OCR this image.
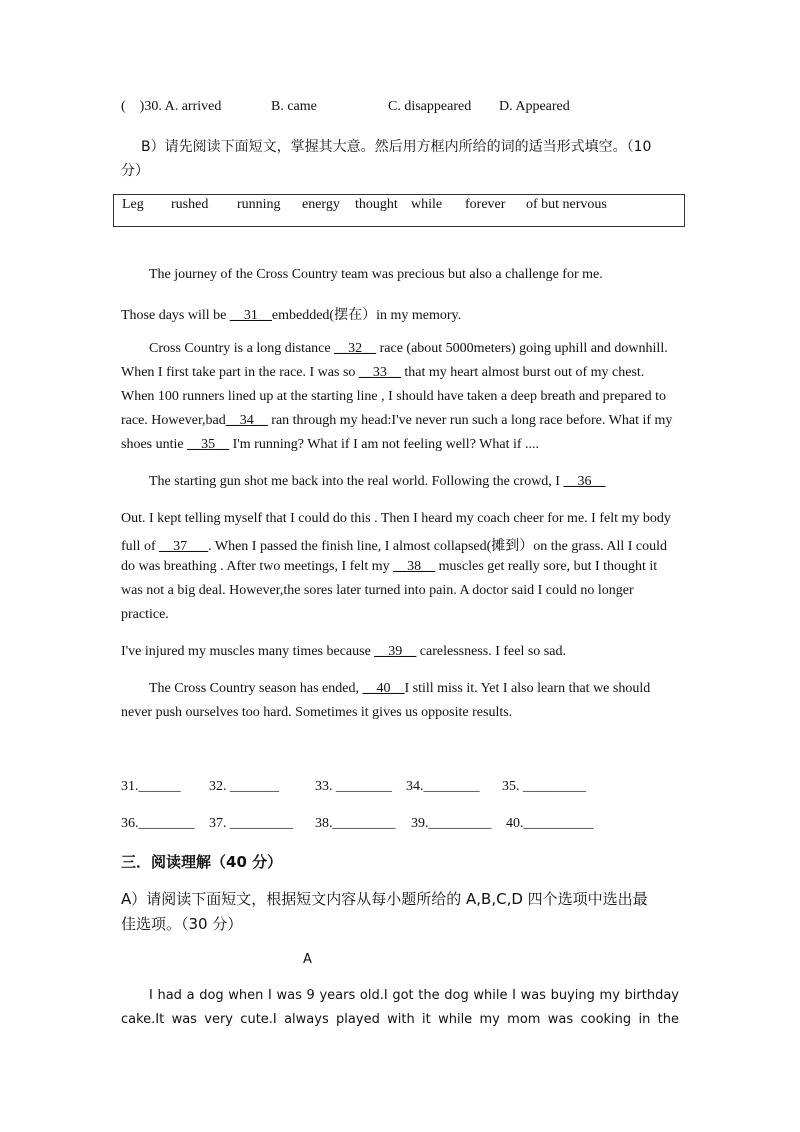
( )30. A. arrived	B. came	C. disappeared D. Appeared
B）请先阅读下面短文，掌握其大意。然后用方框内所给的词的适当形式填空。（10
分）
Leg rushed running energy thought while forever of but nervous
The journey of the Cross Country team was precious but also a challenge for me.
Those days will be __31__embedded(摆在）in my memory.
Cross Country is a long distance __32__ race (about 5000meters) going uphill and downhill.
When I first take part in the race. I was so __33__ that my heart almost burst out of my chest.
When 100 runners lined up at the starting line , I should have taken a deep breath and prepared to
race. However,bad__34__ ran through my head:I've never run such a long race before. What if my
shoes untie __35__ I'm running? What if I am not feeling well? What if ....
The starting gun shot me back into the real world. Following the crowd, I __36__
Out. I kept telling myself that I could do this . Then I heard my coach cheer for me. I felt my body
full of __37___. When I passed the finish line, I almost collapsed(摊到）on the grass. All I could
do was breathing . After two meetings, I felt my __38__ muscles get really sore, but I thought it
was not a big deal. However,the sores later turned into pain. A doctor said I could no longer
practice.
I've injured my muscles many times because __39__ carelessness. I feel so sad.
The Cross Country season has ended, __40__I still miss it. Yet I also learn that we should
never push ourselves too hard. Sometimes it gives us opposite results.
31.______ 32. _______	33. ________ 34.________ 35. _________
36.________ 37. _________ 38._________ 39._________ 40.__________
三．阅读理解（40 分）
A）请阅读下面短文，根据短文内容从每小题所给的 A,B,C,D 四个选项中选出最
佳选项。（30 分）
A
I had a dog when I was 9 years old.I got the dog while I was buying my birthday
cake.It was very cute.I always played with it while my mom was cooking in the
